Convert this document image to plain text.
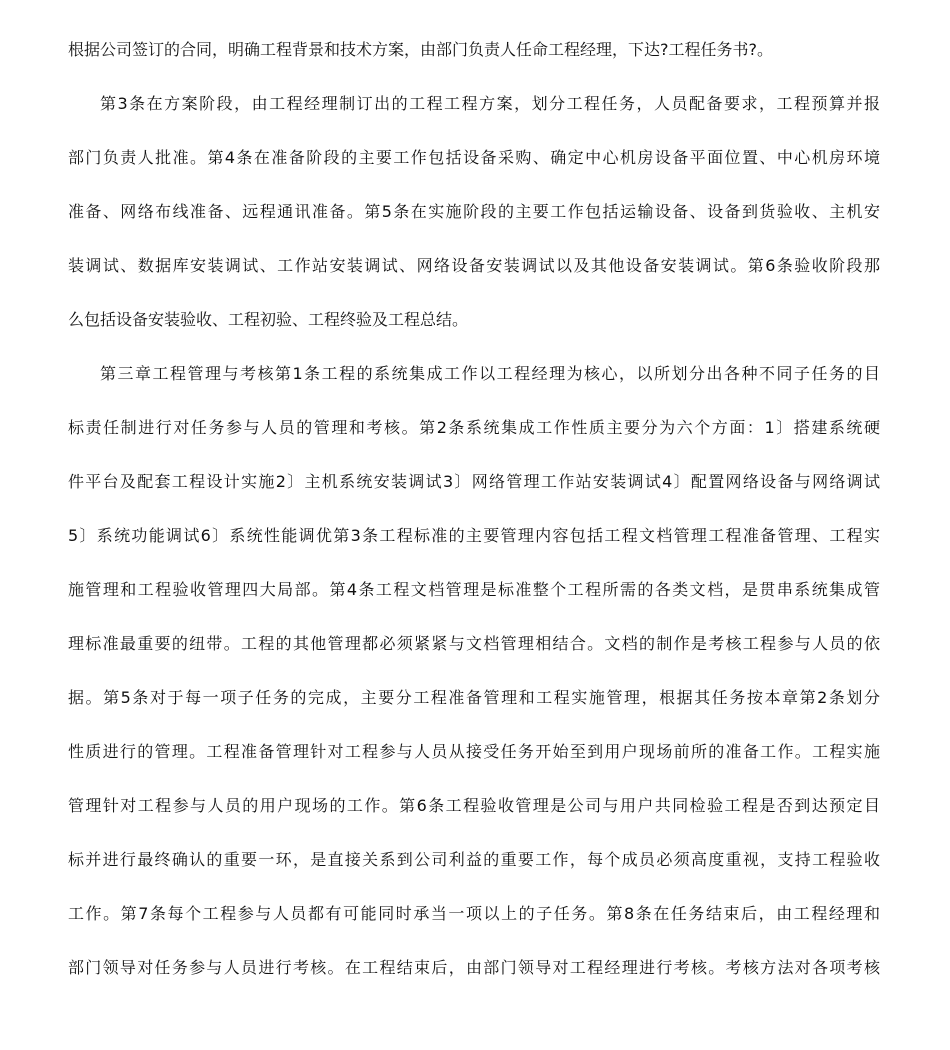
根据公司签订的合同，明确工程背景和技术方案，由部门负责人任命工程经理，下达?工程任务书?。
第3条在方案阶段，由工程经理制订出的工程工程方案，划分工程任务，人员配备要求，工程预算并报
部门负责人批准。第4条在准备阶段的主要工作包括设备采购、确定中心机房设备平面位置、中心机房环境
准备、网络布线准备、远程通讯准备。第5条在实施阶段的主要工作包括运输设备、设备到货验收、主机安
装调试、数据库安装调试、工作站安装调试、网络设备安装调试以及其他设备安装调试。第6条验收阶段那
么包括设备安装验收、工程初验、工程终验及工程总结。
第三章工程管理与考核第1条工程的系统集成工作以工程经理为核心，以所划分出各种不同子任务的目
标责任制进行对任务参与人员的管理和考核。第2条系统集成工作性质主要分为六个方面：1〕搭建系统硬
件平台及配套工程设计实施2〕主机系统安装调试3〕网络管理工作站安装调试4〕配置网络设备与网络调试
5〕系统功能调试6〕系统性能调优第3条工程标准的主要管理内容包括工程文档管理工程准备管理、工程实
施管理和工程验收管理四大局部。第4条工程文档管理是标准整个工程所需的各类文档，是贯串系统集成管
理标准最重要的纽带。工程的其他管理都必须紧紧与文档管理相结合。文档的制作是考核工程参与人员的依
据。第5条对于每一项子任务的完成，主要分工程准备管理和工程实施管理，根据其任务按本章第2条划分
性质进行的管理。工程准备管理针对工程参与人员从接受任务开始至到用户现场前所的准备工作。工程实施
管理针对工程参与人员的用户现场的工作。第6条工程验收管理是公司与用户共同检验工程是否到达预定目
标并进行最终确认的重要一环，是直接关系到公司利益的重要工作，每个成员必须高度重视，支持工程验收
工作。第7条每个工程参与人员都有可能同时承当一项以上的子任务。第8条在任务结束后，由工程经理和
部门领导对任务参与人员进行考核。在工程结束后，由部门领导对工程经理进行考核。考核方法对各项考核
